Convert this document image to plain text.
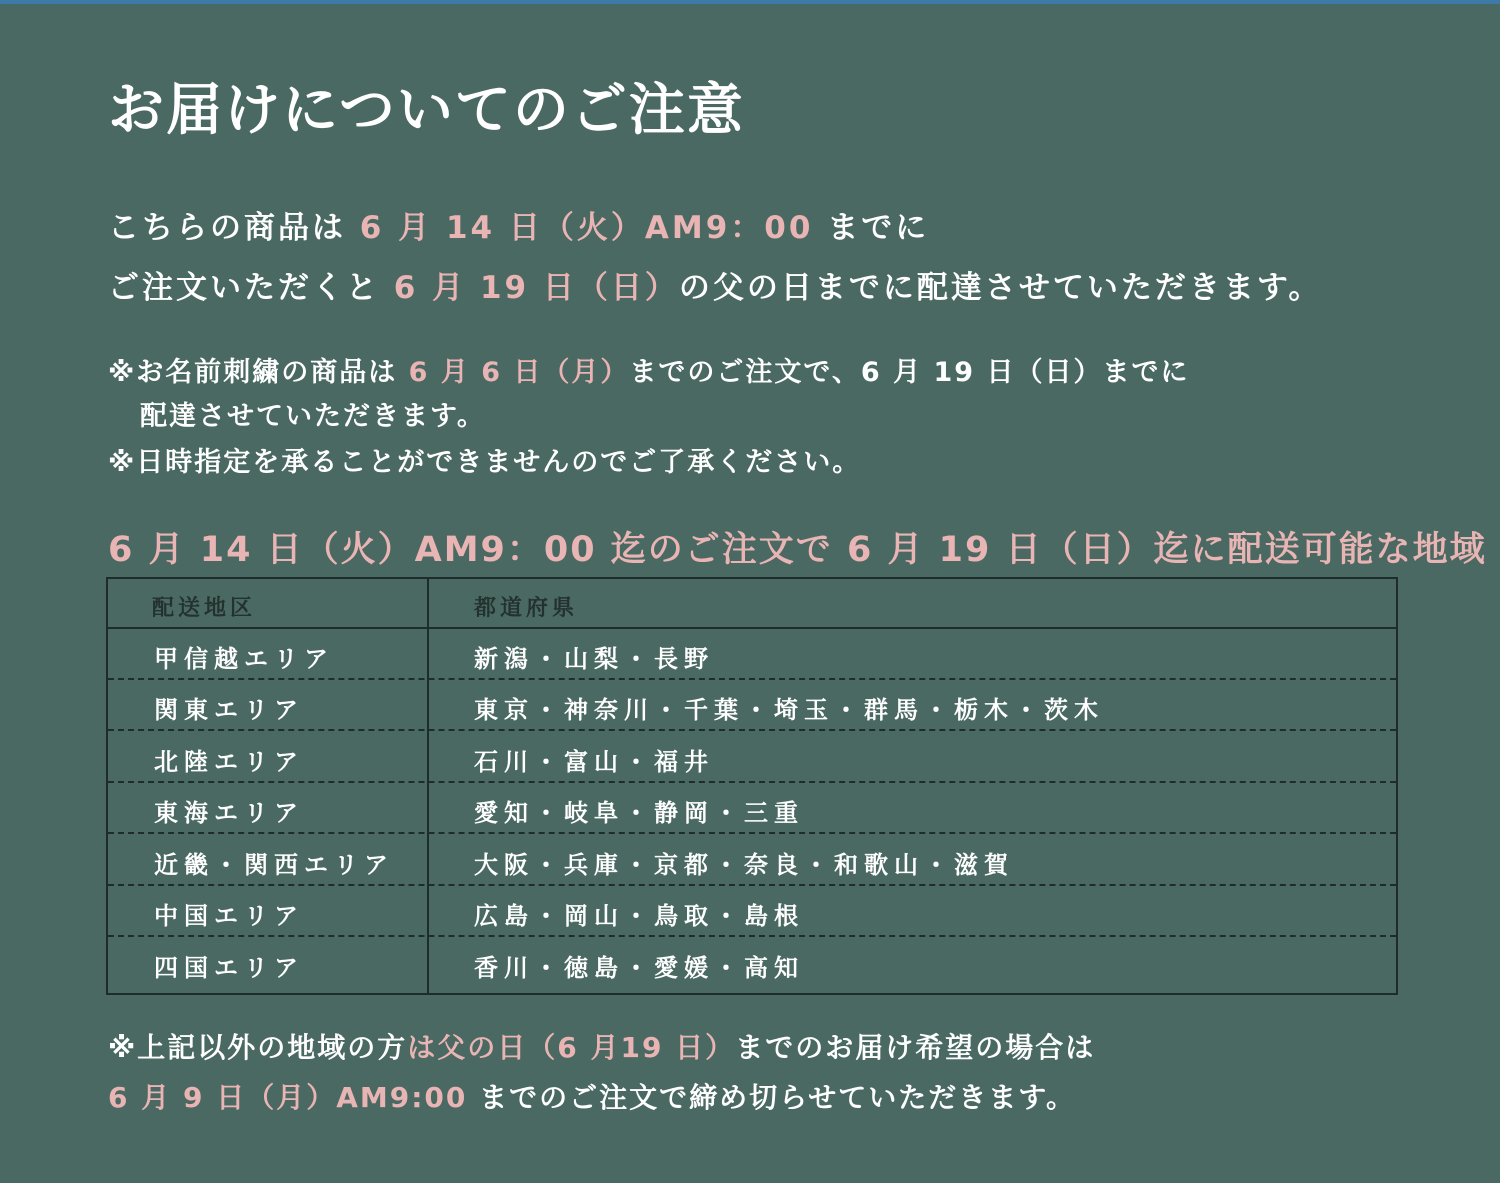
お届けについてのご注意
こちらの商品は 6 月 14 日（火）AM9：00 までに
ご注文いただくと 6 月 19 日（日）の父の日までに配達させていただきます。
※お名前刺繍の商品は 6 月 6 日（月）までのご注文で、6 月 19 日（日）までに
配達させていただきます。
※日時指定を承ることができませんのでご了承ください。
6 月 14 日（火）AM9：00 迄のご注文で 6 月 19 日（日）迄に配送可能な地域
配送地区	都道府県
甲信越エリア	新潟・山梨・長野
関東エリア	東京・神奈川・千葉・埼玉・群馬・栃木・茨木
北陸エリア	石川・富山・福井
東海エリア	愛知・岐阜・静岡・三重
近畿・関西エリア	大阪・兵庫・京都・奈良・和歌山・滋賀
中国エリア	広島・岡山・鳥取・島根
四国エリア	香川・徳島・愛媛・高知
※上記以外の地域の方は父の日（6 月19 日）までのお届け希望の場合は
6 月 9 日（月）AM9:00 までのご注文で締め切らせていただきます。
